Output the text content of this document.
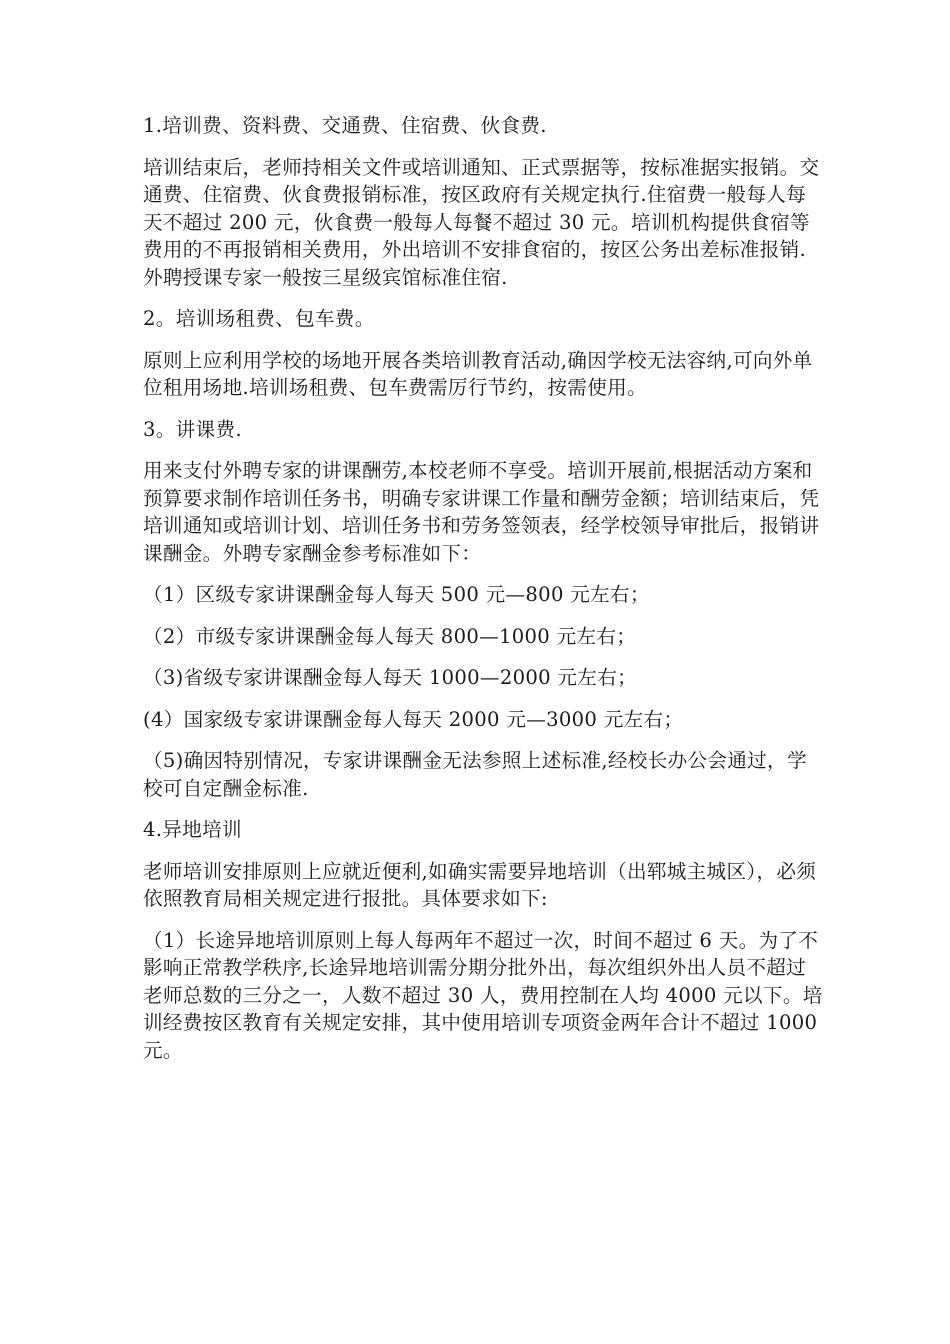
1.培训费、资料费、交通费、住宿费、伙食费.

培训结束后，老师持相关文件或培训通知、正式票据等，按标准据实报销。交通费、住宿费、伙食费报销标准，按区政府有关规定执行.住宿费一般每人每天不超过 200 元，伙食费一般每人每餐不超过 30 元。培训机构提供食宿等费用的不再报销相关费用，外出培训不安排食宿的，按区公务出差标准报销.外聘授课专家一般按三星级宾馆标准住宿.

2。培训场租费、包车费。

原则上应利用学校的场地开展各类培训教育活动,确因学校无法容纳,可向外单位租用场地.培训场租费、包车费需厉行节约，按需使用。

3。讲课费.

用来支付外聘专家的讲课酬劳,本校老师不享受。培训开展前,根据活动方案和预算要求制作培训任务书，明确专家讲课工作量和酬劳金额；培训结束后，凭培训通知或培训计划、培训任务书和劳务签领表，经学校领导审批后，报销讲课酬金。外聘专家酬金参考标准如下：

（1）区级专家讲课酬金每人每天 500 元—800 元左右；

（2）市级专家讲课酬金每人每天 800—1000 元左右；

（3)省级专家讲课酬金每人每天 1000—2000 元左右；

(4）国家级专家讲课酬金每人每天 2000 元—3000 元左右；

（5)确因特别情况，专家讲课酬金无法参照上述标准,经校长办公会通过，学校可自定酬金标准.

4.异地培训

老师培训安排原则上应就近便利,如确实需要异地培训（出郓城主城区），必须依照教育局相关规定进行报批。具体要求如下:

（1）长途异地培训原则上每人每两年不超过一次，时间不超过 6 天。为了不影响正常教学秩序,长途异地培训需分期分批外出，每次组织外出人员不超过老师总数的三分之一，人数不超过 30 人，费用控制在人均 4000 元以下。培训经费按区教育有关规定安排，其中使用培训专项资金两年合计不超过 1000 元。
